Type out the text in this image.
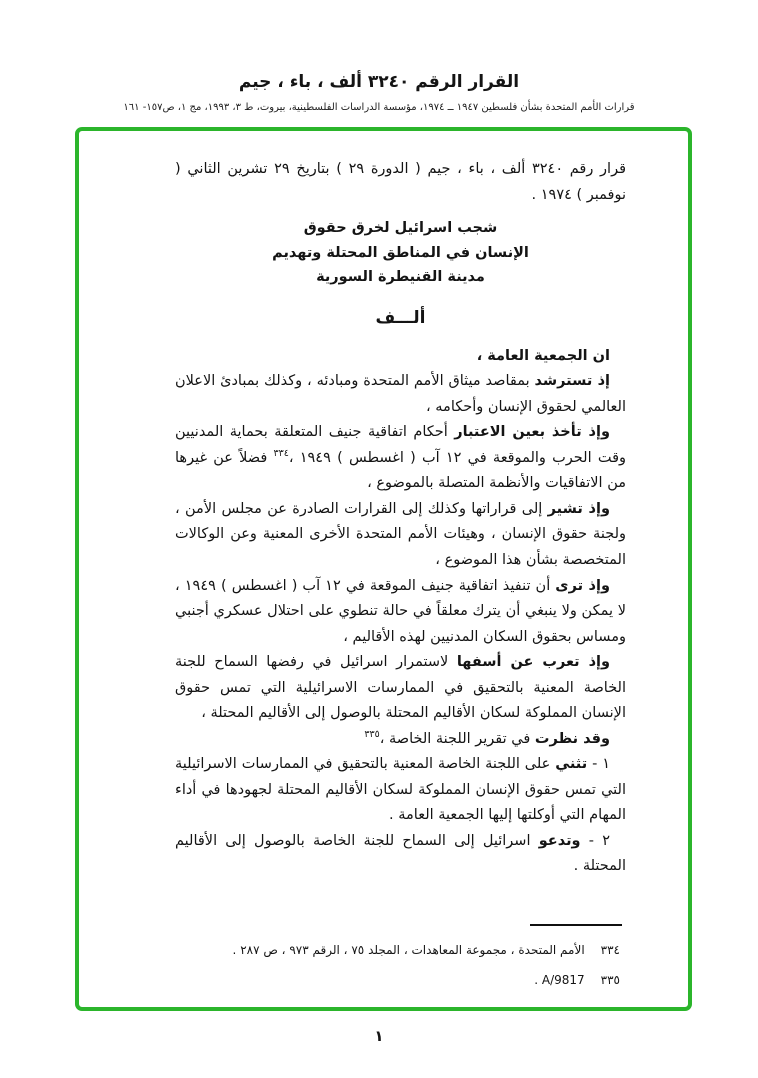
القرار الرقم ٣٢٤٠ ألف ، باء ، جيم
قرارات الأمم المتحدة بشأن فلسطين ١٩٤٧ ــ ١٩٧٤، مؤسسة الدراسات الفلسطينية، بيروت، ط ٣، ١٩٩٣، مج ١، ص١٥٧- ١٦١

قرار رقم ٣٢٤٠ ألف ، باء ، جيم ( الدورة ٢٩ ) بتاريخ ٢٩ تشرين الثاني ( نوفمبر ) ١٩٧٤ .

شجب اسرائيل لخرق حقوق
الإنسان في المناطق المحتلة وتهديم
مدينة القنيطرة السورية
ألـــف

ان الجمعية العامة ،

إذ تسترشد بمقاصد ميثاق الأمم المتحدة ومبادئه ، وكذلك بمبادئ الاعلان العالمي لحقوق الإنسان وأحكامه ،

وإذ تأخذ بعين الاعتبار أحكام اتفاقية جنيف المتعلقة بحماية المدنيين وقت الحرب والموقعة في ١٢ آب ( اغسطس ) ١٩٤٩ ،$^{٣٣٤}$ فضلاً عن غيرها من الاتفاقيات والأنظمة المتصلة بالموضوع ،

وإذ تشير إلى قراراتها وكذلك إلى القرارات الصادرة عن مجلس الأمن ، ولجنة حقوق الإنسان ، وهيئات الأمم المتحدة الأخرى المعنية وعن الوكالات المتخصصة بشأن هذا الموضوع ،

وإذ ترى أن تنفيذ اتفاقية جنيف الموقعة في ١٢ آب ( اغسطس ) ١٩٤٩ ، لا يمكن ولا ينبغي أن يترك معلقاً في حالة تنطوي على احتلال عسكري أجنبي ومساس بحقوق السكان المدنيين لهذه الأقاليم ،

وإذ تعرب عن أسفها لاستمرار اسرائيل في رفضها السماح للجنة الخاصة المعنية بالتحقيق في الممارسات الاسرائيلية التي تمس حقوق الإنسان المملوكة لسكان الأقاليم المحتلة بالوصول إلى الأقاليم المحتلة ،

وقد نظرت في تقرير اللجنة الخاصة ،$^{٣٣٥}$

١ - تثني على اللجنة الخاصة المعنية بالتحقيق في الممارسات الاسرائيلية التي تمس حقوق الإنسان المملوكة لسكان الأقاليم المحتلة لجهودها في أداء المهام التي أوكلتها إليها الجمعية العامة .

٢ - وتدعو اسرائيل إلى السماح للجنة الخاصة بالوصول إلى الأقاليم المحتلة .

٣٣٤الأمم المتحدة ، مجموعة المعاهدات ، المجلد ٧٥ ، الرقم ٩٧٣ ، ص ٢٨٧ .

٣٣٥A/9817 .

١
